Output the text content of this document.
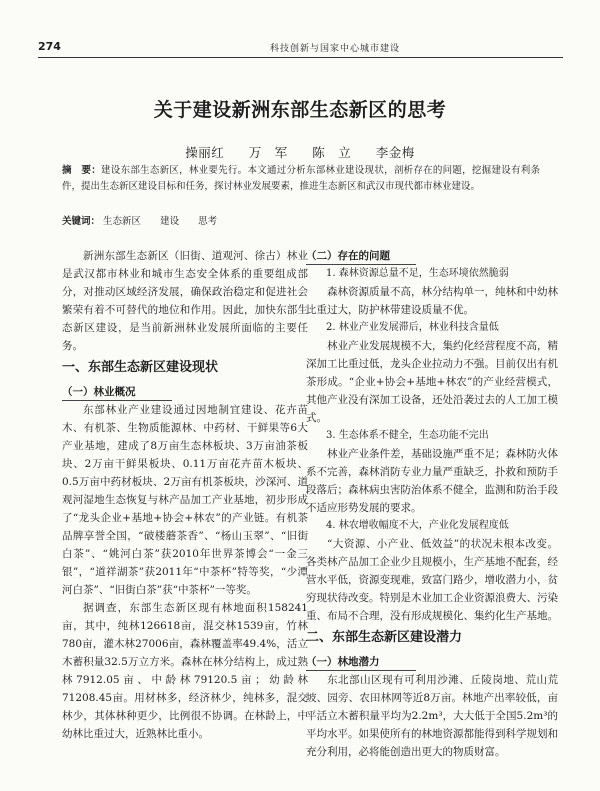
274	科技创新与国家中心城市建设
关于建设新洲东部生态新区的思考
操丽红 万　军 陈　立 李金梅
摘　要：建设东部生态新区，林业要先行。本文通过分析东部林业建设现状，剖析存在的问题，挖掘建设有利条件，提出生态新区建设目标和任务，探讨林业发展要素，推进生态新区和武汉市现代都市林业建设。
关键词： 生态新区 建设 思考

新洲东部生态新区（旧街、道观河、徐古）林业是武汉都市林业和城市生态安全体系的重要组成部分，对推动区域经济发展，确保政治稳定和促进社会繁荣有着不可替代的地位和作用。因此，加快东部生态新区建设，是当前新洲林业发展所面临的主要任务。

一、东部生态新区建设现状
（一）林业概况

东部林业产业建设通过因地制宜建设、花卉苗木、有机茶、生物质能源林、中药材、干鲜果等6大产业基地，建成了8万亩生态林板块、3万亩油茶板块、2万亩干鲜果板块、0.11万亩花卉苗木板块、0.5万亩中药材板块、2万亩有机茶板块，沙深河、道观河湿地生态恢复与林产品加工产业基地，初步形成了“龙头企业+基地+协会+林农”的产业链。有机茶品牌享誉全国，“破楼蘑茶香”、“杨山玉翠”、“旧街白茶”、“姚河白茶”获2010年世界茶博会“一金三银”，“道祥湖茶”获2011年“中茶杯”特等奖，“少潭河白茶”、“旧街白茶”获“中茶杯”一等奖。

据调查，东部生态新区现有林地面积158241亩，其中，纯林126618亩，混交林1539亩，竹林780亩，灌木林27006亩，森林覆盖率49.4%，活立木蓄积量32.5万立方米。森林在林分结构上，成过熟林7912.05亩、中龄林79120.5亩；幼龄林71208.45亩。用材林多，经济林少，纯林多，混交林少，其体林种更少，比例很不协调。在林龄上，中幼林比重过大，近熟林比重小。

（二）存在的问题

1. 森林资源总量不足，生态环境依然脆弱

森林资源质量不高，林分结构单一，纯林和中幼林比重过大，防护林带建设质量不优。

2. 林业产业发展滞后，林业科技含量低

林业产业发展规模不大，集约化经营程度不高，精深加工比重过低，龙头企业拉动力不强。目前仅出有机茶形成。“企业+协会+基地+林农”的产业经营模式，其他产业没有深加工设备，还处沿袭过去的人工加工模式。

3. 生态体系不健全，生态功能不完出

林业产业条件差，基础设施严重不足；森林防火体系不完善，森林消防专业力量严重缺乏，扑救和预防手段落后；森林病虫害防治体系不健全，监测和防治手段不适应形势发展的要求。

4. 林农增收幅度不大，产业化发展程度低

“大资源、小产业、低效益”的状况未根本改变。各类林产品加工企业少且规模小，生产基地不配套，经营水平低，资源变现难，致富门路少，增收潜力小，贫穷现状待改变。特别是木业加工企业资源浪费大、污染重、布局不合理，没有形成规模化、集约化生产基地。

二、东部生态新区建设潜力
（一）林地潜力

东北部山区现有可利用沙滩、丘陵岗地、荒山荒坡、园旁、农田林网等近8万亩。林地产出率较低，亩平活立木蓄积量平均为2.2m³，大大低于全国5.2m³的平均水平。如果使所有的林地资源都能得到科学规划和充分利用，必将能创造出更大的物质财富。
